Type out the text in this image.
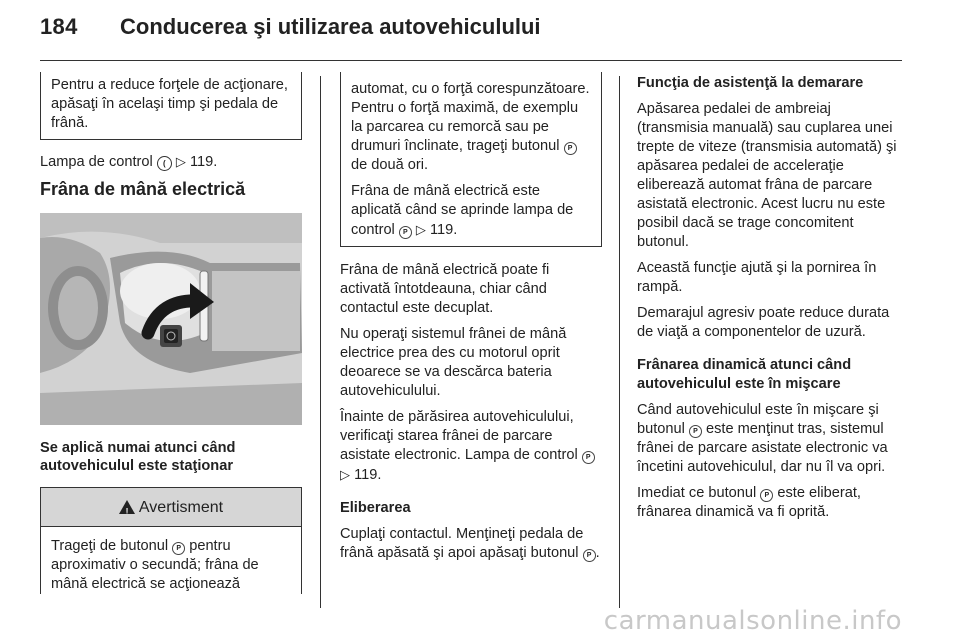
184 Conducerea şi utilizarea autovehiculului
Pentru a reduce forţele de acţionare, apăsaţi în acelaşi timp şi pedala de frână.

Lampa de control ( ▷ 119.

Frâna de mână electrică
Se aplică numai atunci când autovehiculul este staţionar
! Avertisment
Trageţi de butonul P pentru aproximativ o secundă; frâna de mână electrică se acţionează

automat, cu o forţă corespunzătoare. Pentru o forţă maximă, de exemplu la parcarea cu remorcă sau pe drumuri înclinate, trageţi butonul P de două ori.

Frâna de mână electrică este aplicată când se aprinde lampa de control P ▷ 119.

Frâna de mână electrică poate fi activată întotdeauna, chiar când contactul este decuplat.

Nu operaţi sistemul frânei de mână electrice prea des cu motorul oprit deoarece se va descărca bateria autovehiculului.

Înainte de părăsirea autovehiculului, verificaţi starea frânei de parcare asistate electronic. Lampa de control P ▷ 119.

Eliberarea

Cuplaţi contactul. Menţineţi pedala de frână apăsată şi apoi apăsaţi butonul P .

Funcţia de asistenţă la demarare

Apăsarea pedalei de ambreiaj (transmisia manuală) sau cuplarea unei trepte de viteze (transmisia automată) şi apăsarea pedalei de acceleraţie eliberează automat frâna de parcare asistată electronic. Acest lucru nu este posibil dacă se trage concomitent butonul.

Această funcţie ajută şi la pornirea în rampă.

Demarajul agresiv poate reduce durata de viaţă a componentelor de uzură.

Frânarea dinamică atunci când autovehiculul este în mişcare

Când autovehiculul este în mişcare şi butonul P este menţinut tras, sistemul frânei de parcare asistate electronic va încetini autovehiculul, dar nu îl va opri.

Imediat ce butonul P este eliberat, frânarea dinamică va fi oprită.

carmanualsonline.info
